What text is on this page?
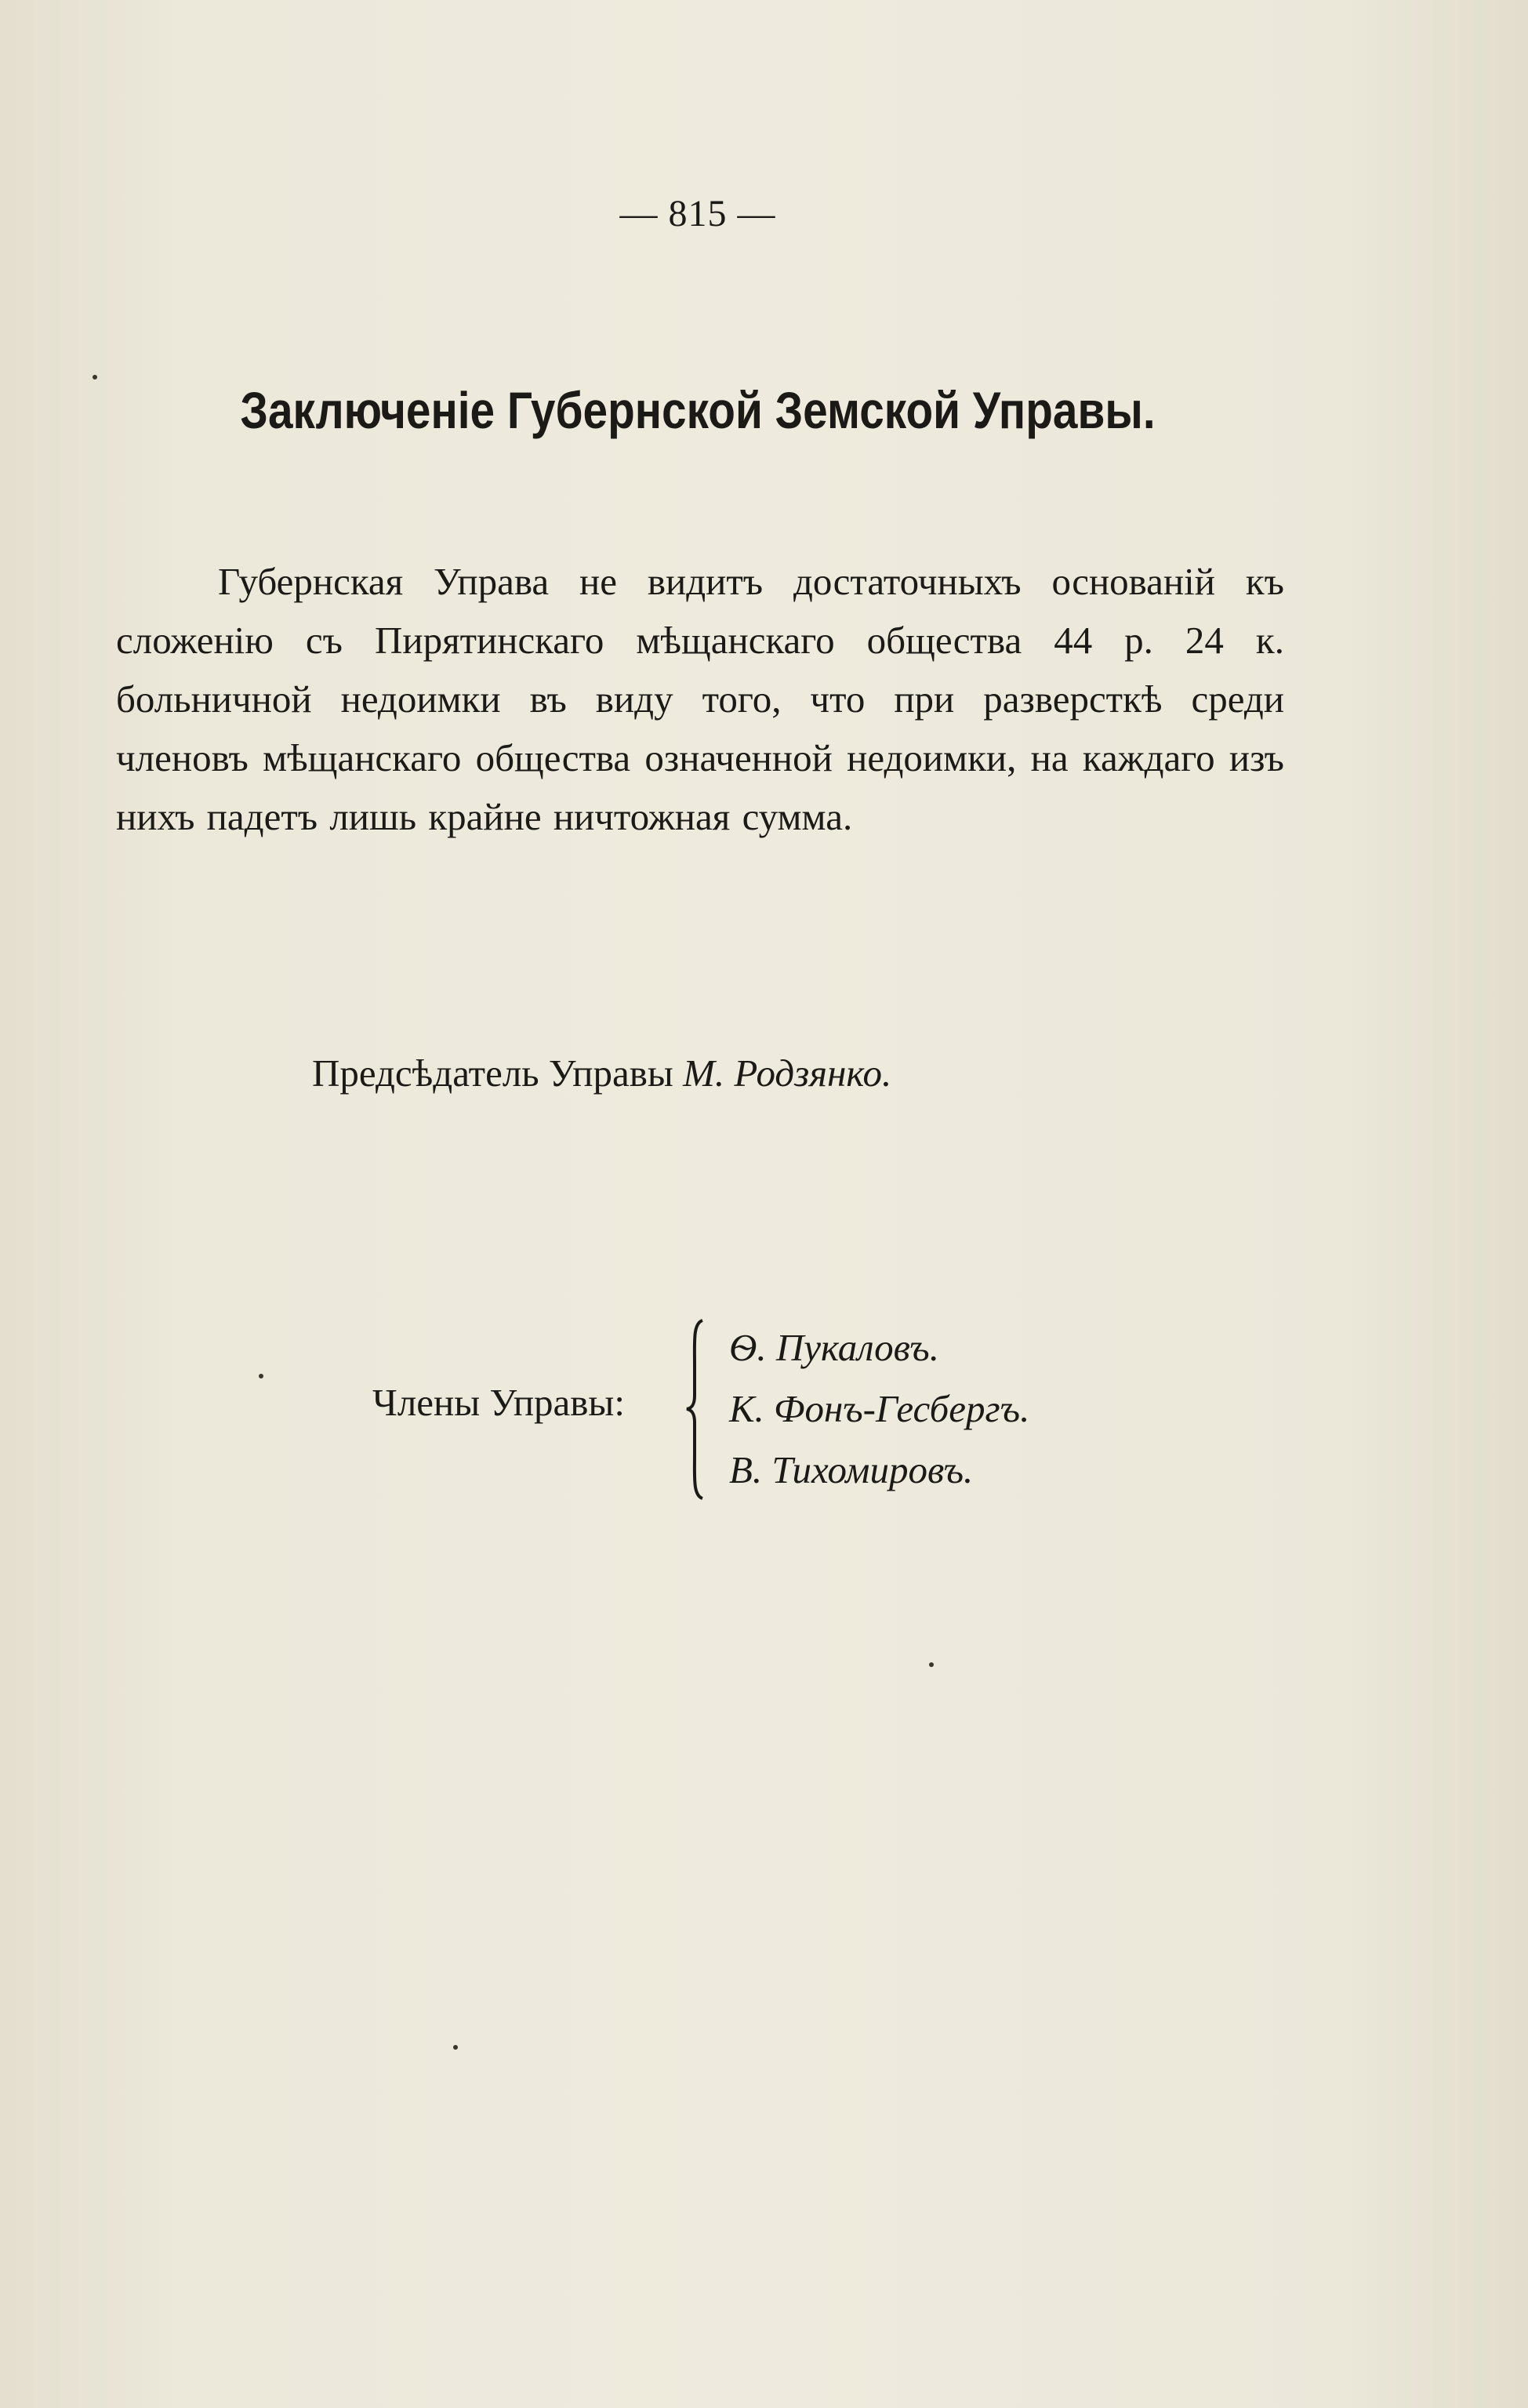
— 815 —
Заключеніе Губернской Земской Управы.

Губернская Управа не видитъ достаточныхъ основаній къ сложенію съ Пирятинскаго мѣщанскаго общества 44 р. 24 к. больничной недоимки въ виду того, что при разверсткѣ среди членовъ мѣщанскаго общества означенной недоимки, на каждаго изъ нихъ падетъ лишь крайне ничтожная сумма.

Предсѣдатель Управы М. Родзянко.
Члены Управы:
Ѳ. Пукаловъ.
К. Фонъ-Гесбергъ.
В. Тихомировъ.
